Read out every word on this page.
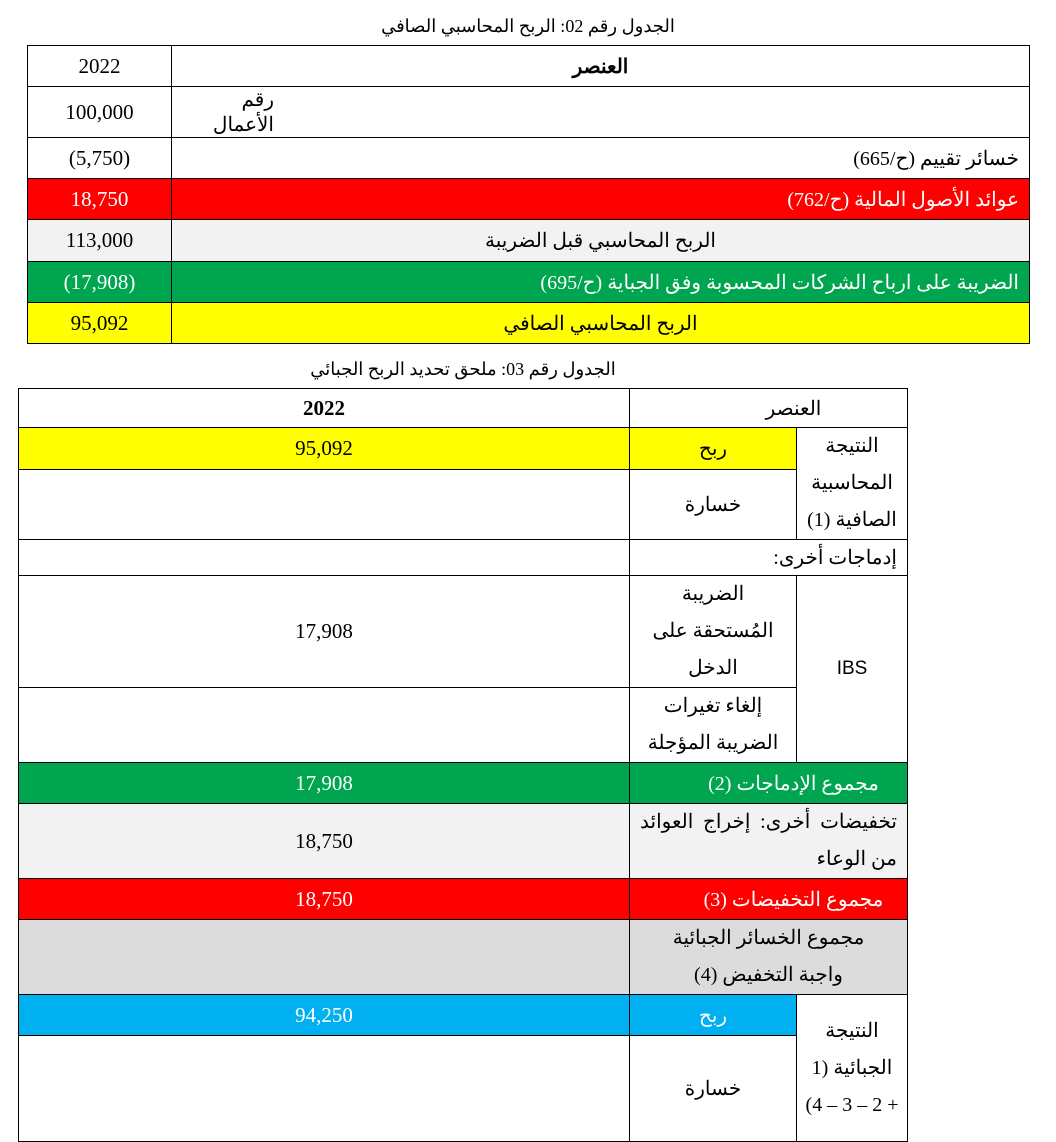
الجدول رقم 02: الربح المحاسبي الصافي
2022	العنصر
100,000	رقم الأعمال
(5,750)	خسائر تقييم (ح/665)
18,750	عوائد الأصول المالية (ح/762)
113,000	الربح المحاسبي قبل الضريبة
(17,908)	الضريبة على ارباح الشركات المحسوبة وفق الجباية (ح/695)
95,092	الربح المحاسبي الصافي
الجدول رقم 03: ملحق تحديد الربح الجبائي
2022	العنصر	
95,092	ربح	النتيجة المحاسبية الصافية (1)
	خسارة	
	إدماجات أخرى:	
17,908	الضريبة المُستحقة على الدخل	IBS
	إلغاء تغيرات الضريبة المؤجلة	
17,908	مجموع الإدماجات (2)	
18,750	تخفيضات أخرى: إخراج العوائد من الوعاء	
18,750	مجموع التخفيضات (3)	
	مجموع الخسائر الجبائية واجبة التخفيض (4)	
94,250	ربح	النتيجة الجبائية (1 + 2 – 3 – 4)
	خسارة	
